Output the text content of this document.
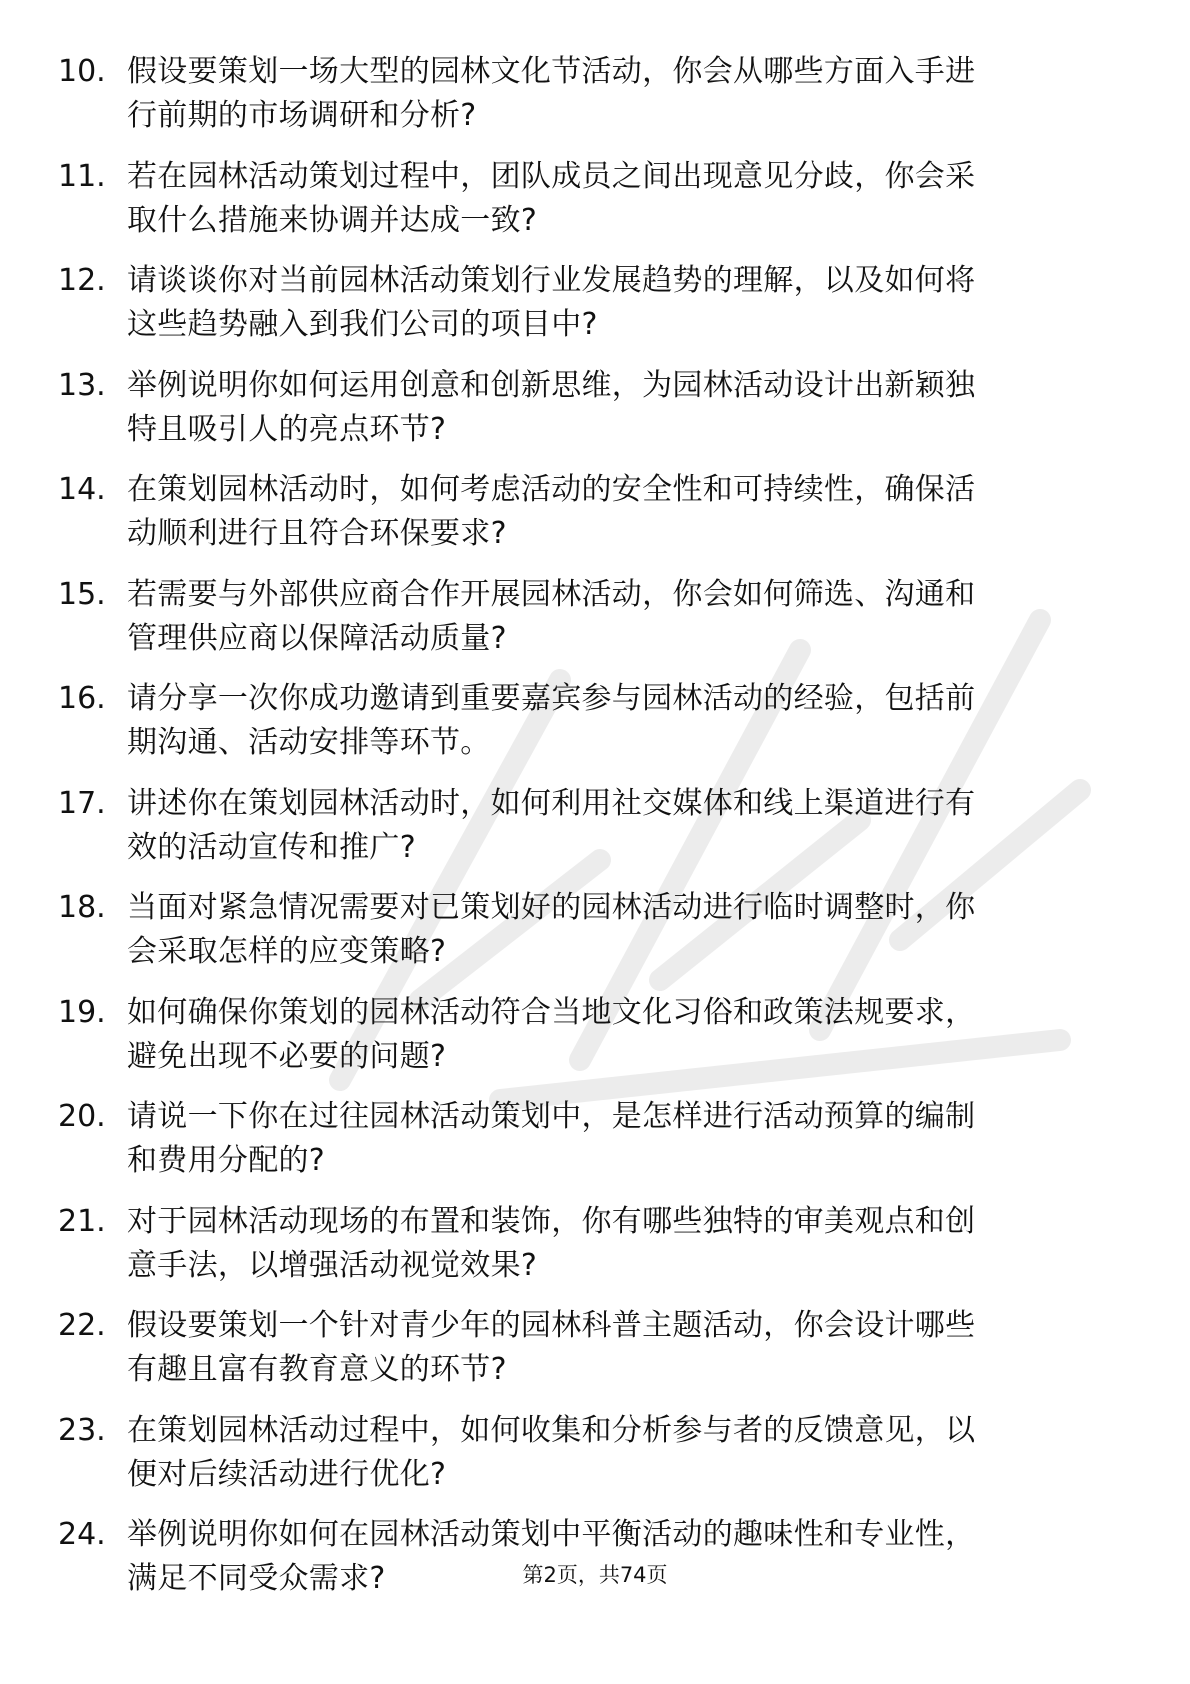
10. 假设要策划一场大型的园林文化节活动，你会从哪些方面入手进
行前期的市场调研和分析?
11. 若在园林活动策划过程中，团队成员之间出现意见分歧，你会采
取什么措施来协调并达成一致?
12. 请谈谈你对当前园林活动策划行业发展趋势的理解，以及如何将
这些趋势融入到我们公司的项目中?
13. 举例说明你如何运用创意和创新思维，为园林活动设计出新颖独
特且吸引人的亮点环节?
14. 在策划园林活动时，如何考虑活动的安全性和可持续性，确保活
动顺利进行且符合环保要求?
15. 若需要与外部供应商合作开展园林活动，你会如何筛选、沟通和
管理供应商以保障活动质量?
16. 请分享一次你成功邀请到重要嘉宾参与园林活动的经验，包括前
期沟通、活动安排等环节。
17. 讲述你在策划园林活动时，如何利用社交媒体和线上渠道进行有
效的活动宣传和推广?
18. 当面对紧急情况需要对已策划好的园林活动进行临时调整时，你
会采取怎样的应变策略?
19. 如何确保你策划的园林活动符合当地文化习俗和政策法规要求，
避免出现不必要的问题?
20. 请说一下你在过往园林活动策划中，是怎样进行活动预算的编制
和费用分配的?
21. 对于园林活动现场的布置和装饰，你有哪些独特的审美观点和创
意手法，以增强活动视觉效果?
22. 假设要策划一个针对青少年的园林科普主题活动，你会设计哪些
有趣且富有教育意义的环节?
23. 在策划园林活动过程中，如何收集和分析参与者的反馈意见，以
便对后续活动进行优化?
24. 举例说明你如何在园林活动策划中平衡活动的趣味性和专业性，
满足不同受众需求?	第2页，共74页
